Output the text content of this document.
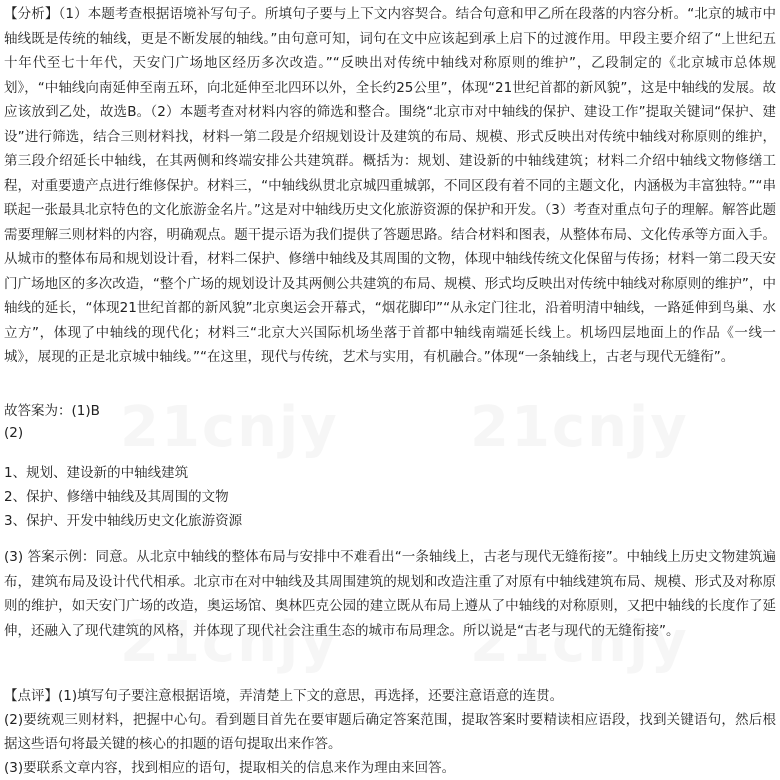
【分析】（1）本题考查根据语境补写句子。所填句子要与上下文内容契合。结合句意和甲乙所在段落的内容分析。“北京的城市中轴线既是传统的轴线，更是不断发展的轴线。”由句意可知，词句在文中应该起到承上启下的过渡作用。甲段主要介绍了“上世纪五十年代至七十年代，天安门广场地区经历多次改造。”“反映出对传统中轴线对称原则的维护”，乙段制定的《北京城市总体规划》，“中轴线向南延伸至南五环，向北延伸至北四环以外，全长约25公里”，体现“21世纪首都的新风貌”，这是中轴线的发展。故应该放到乙处，故选B。（2）本题考查对材料内容的筛选和整合。围绕“北京市对中轴线的保护、建设工作”提取关键词“保护、建设”进行筛选，结合三则材料找，材料一第二段是介绍规划设计及建筑的布局、规模、形式反映出对传统中轴线对称原则的维护，第三段介绍延长中轴线，在其两侧和终端安排公共建筑群。概括为：规划、建设新的中轴线建筑；材料二介绍中轴线文物修缮工程，对重要遗产点进行维修保护。材料三，“中轴线纵贯北京城四重城郭，不同区段有着不同的主题文化，内涵极为丰富独特。”“串联起一张最具北京特色的文化旅游金名片。”这是对中轴线历史文化旅游资源的保护和开发。（3）考查对重点句子的理解。解答此题需要理解三则材料的内容，明确观点。题干提示语为我们提供了答题思路。结合材料和图表，从整体布局、文化传承等方面入手。从城市的整体布局和规划设计看，材料二保护、修缮中轴线及其周围的文物，体现中轴线传统文化保留与传扬；材料一第二段天安门广场地区的多次改造，“整个广场的规划设计及其两侧公共建筑的布局、规模、形式均反映出对传统中轴线对称原则的维护”，中轴线的延长，“体现21世纪首都的新风貌”北京奥运会开幕式，“烟花脚印”“从永定门往北，沿着明清中轴线，一路延伸到鸟巢、水立方”，体现了中轴线的现代化；材料三“北京大兴国际机场坐落于首都中轴线南端延长线上。机场四层地面上的作品《一线一城》，展现的正是北京城中轴线。”“在这里，现代与传统，艺术与实用，有机融合。”体现“一条轴线上，古老与现代无缝衔”。

故答案为：(1)B

(2)

1、规划、建设新的中轴线建筑

2、保护、修缮中轴线及其周围的文物

3、保护、开发中轴线历史文化旅游资源

(3) 答案示例：同意。从北京中轴线的整体布局与安排中不难看出“一条轴线上，古老与现代无缝衔接”。中轴线上历史文物建筑遍布，建筑布局及设计代代相承。北京市在对中轴线及其周围建筑的规划和改造注重了对原有中轴线建筑布局、规模、形式及对称原则的维护，如天安门广场的改造，奥运场馆、奥林匹克公园的建立既从布局上遵从了中轴线的对称原则，又把中轴线的长度作了延伸，还融入了现代建筑的风格，并体现了现代社会注重生态的城市布局理念。所以说是“古老与现代的无缝衔接”。

【点评】(1)填写句子要注意根据语境，弄清楚上下文的意思，再选择，还要注意语意的连贯。

(2)要统观三则材料，把握中心句。看到题目首先在要审题后确定答案范围，提取答案时要精读相应语段，找到关键语句，然后根据这些语句将最关键的核心的扣题的语句提取出来作答。

(3)要联系文章内容，找到相应的语句，提取相关的信息来作为理由来回答。
